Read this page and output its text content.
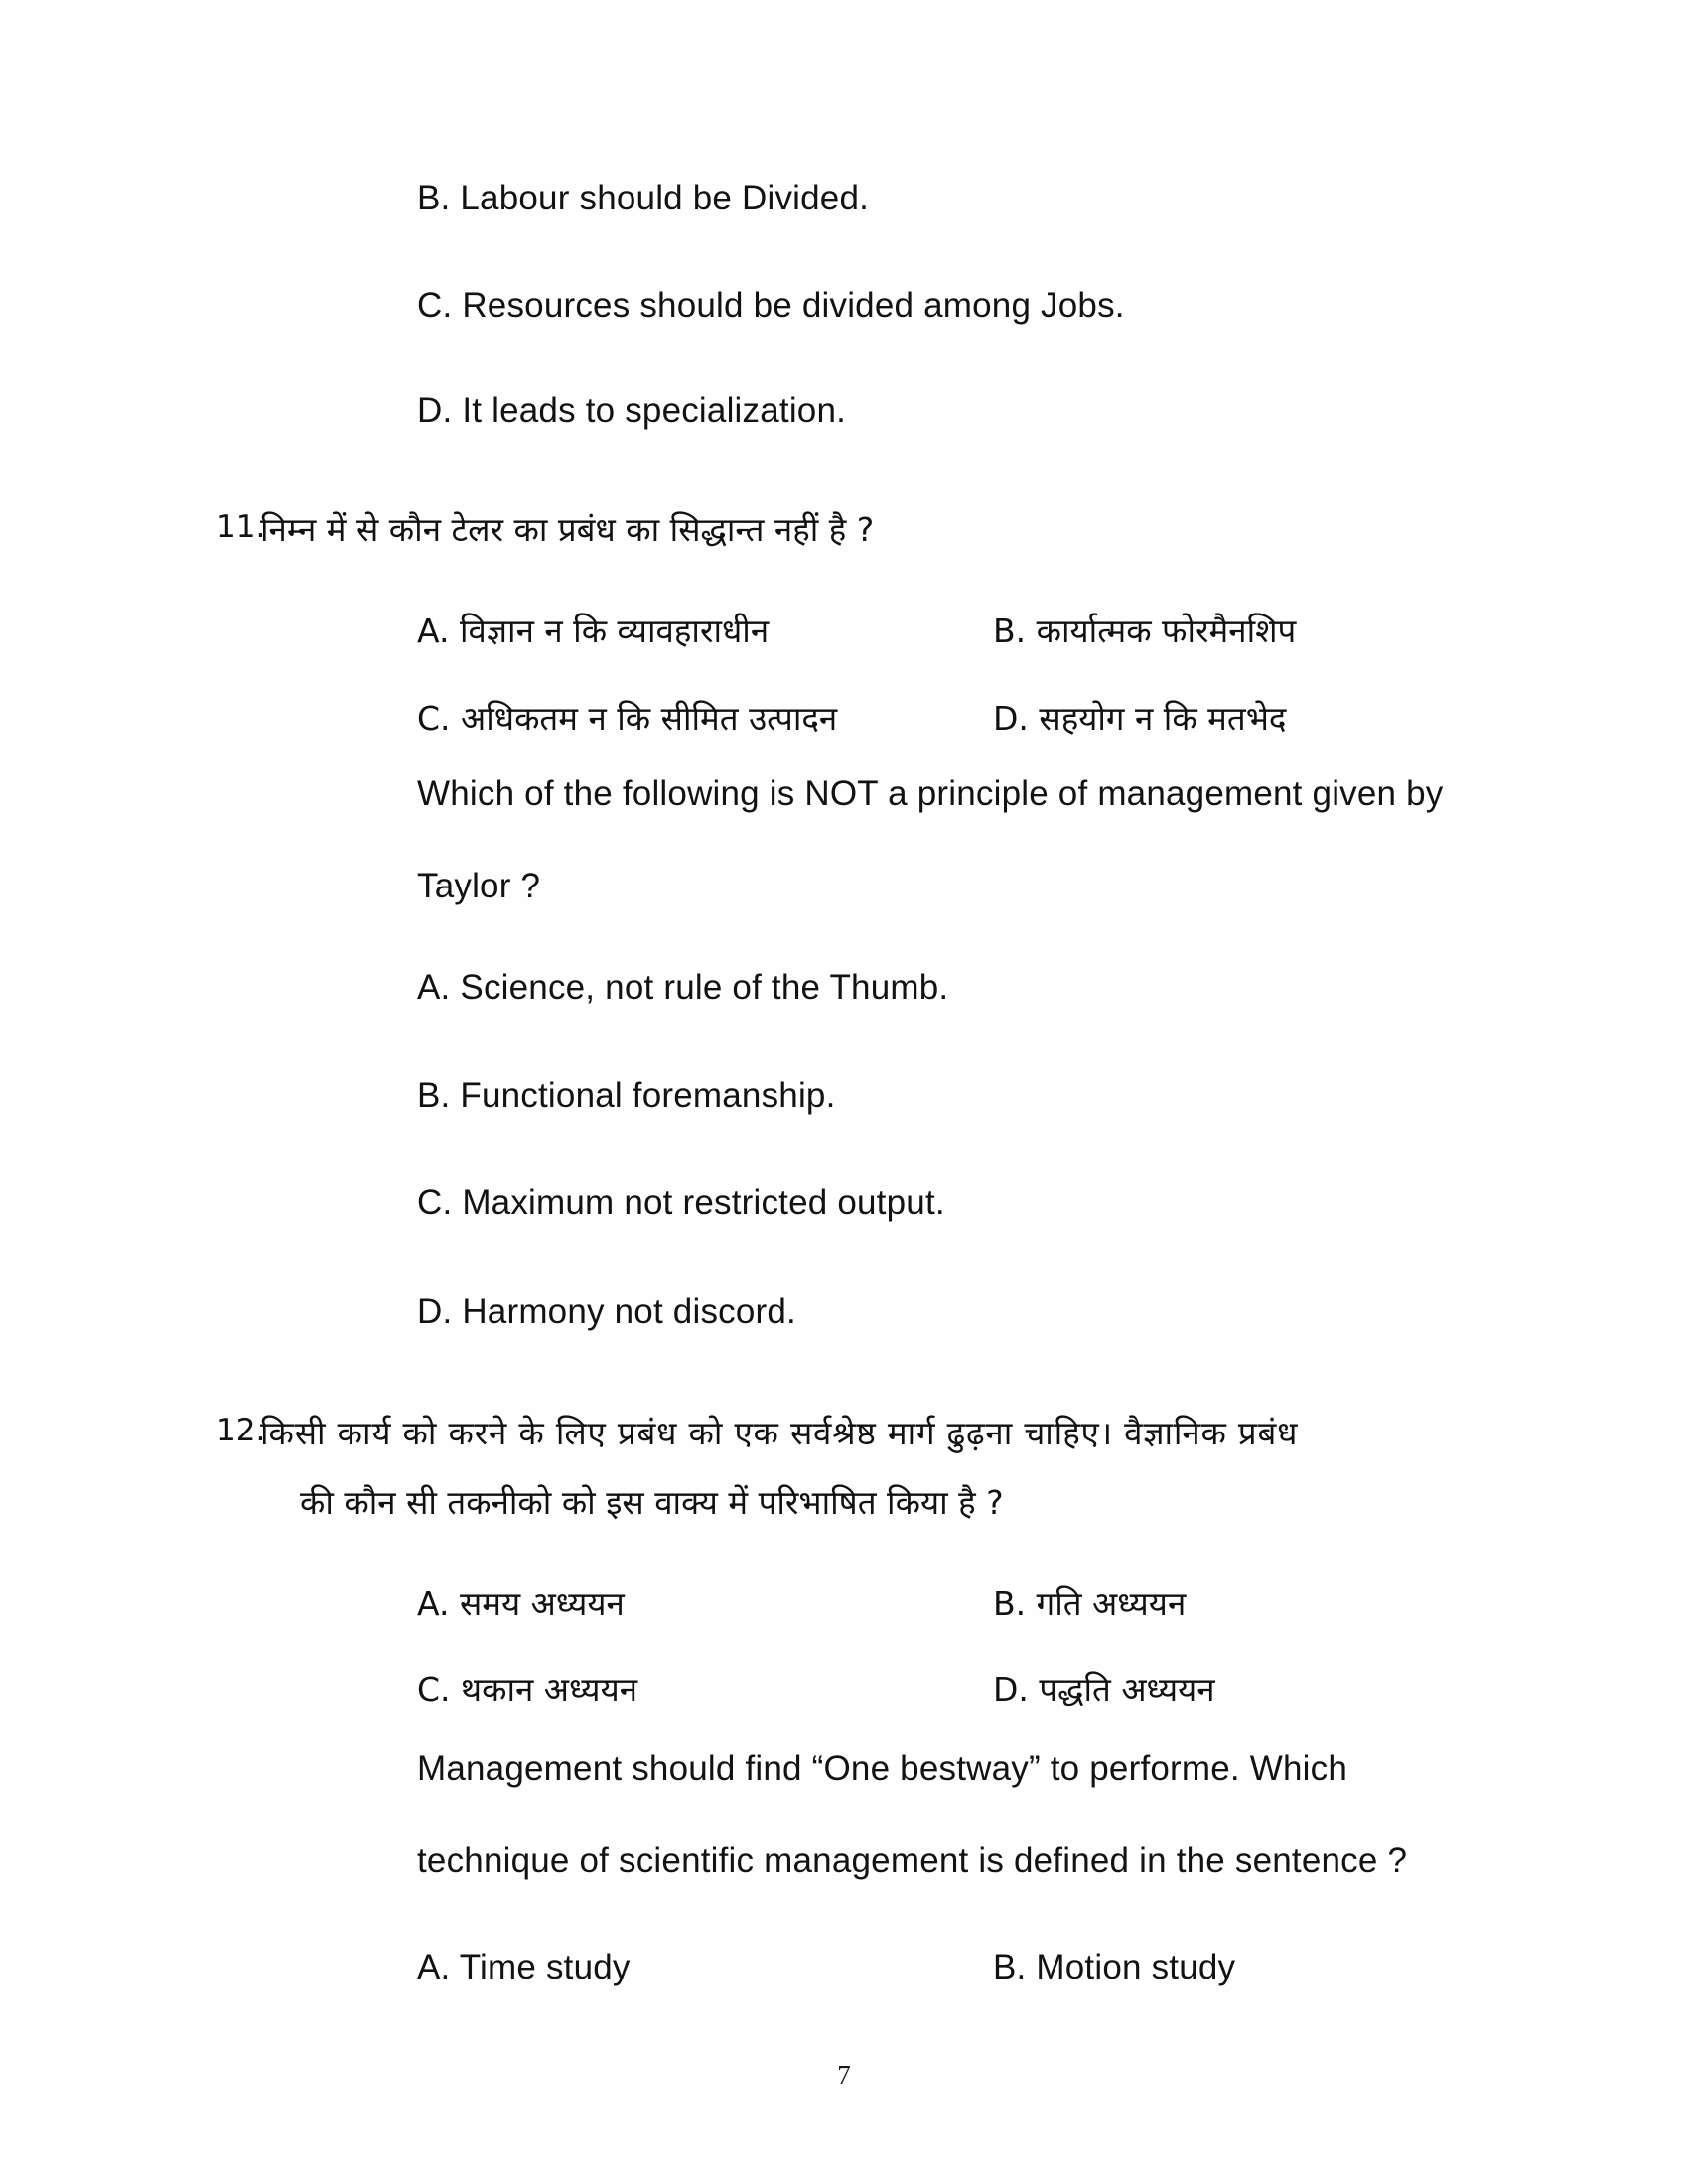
B. Labour should be Divided.
C. Resources should be divided among Jobs.
D. It leads to specialization.
11.
निम्न में से कौन टेलर का प्रबंध का सिद्धान्त नहीं है ?
A. विज्ञान न कि व्यावहाराधीन	B. कार्यात्मक फोरमैनशिप
C. अधिकतम न कि सीमित उत्पादन	D. सहयोग न कि मतभेद
Which of the following is NOT a principle of management given by
Taylor ?
A. Science, not rule of the Thumb.
B. Functional foremanship.
C. Maximum not restricted output.
D. Harmony not discord.
12.
किसी कार्य को करने के लिए प्रबंध को एक सर्वश्रेष्ठ मार्ग ढुढ़ना चाहिए। वैज्ञानिक प्रबंध
की कौन सी तकनीको को इस वाक्य में परिभाषित किया है ?
A. समय अध्ययन	B. गति अध्ययन
C. थकान अध्ययन	D. पद्धति अध्ययन
Management should find “One bestway” to performe. Which
technique of scientific management is defined in the sentence ?
A. Time study	B. Motion study
7
